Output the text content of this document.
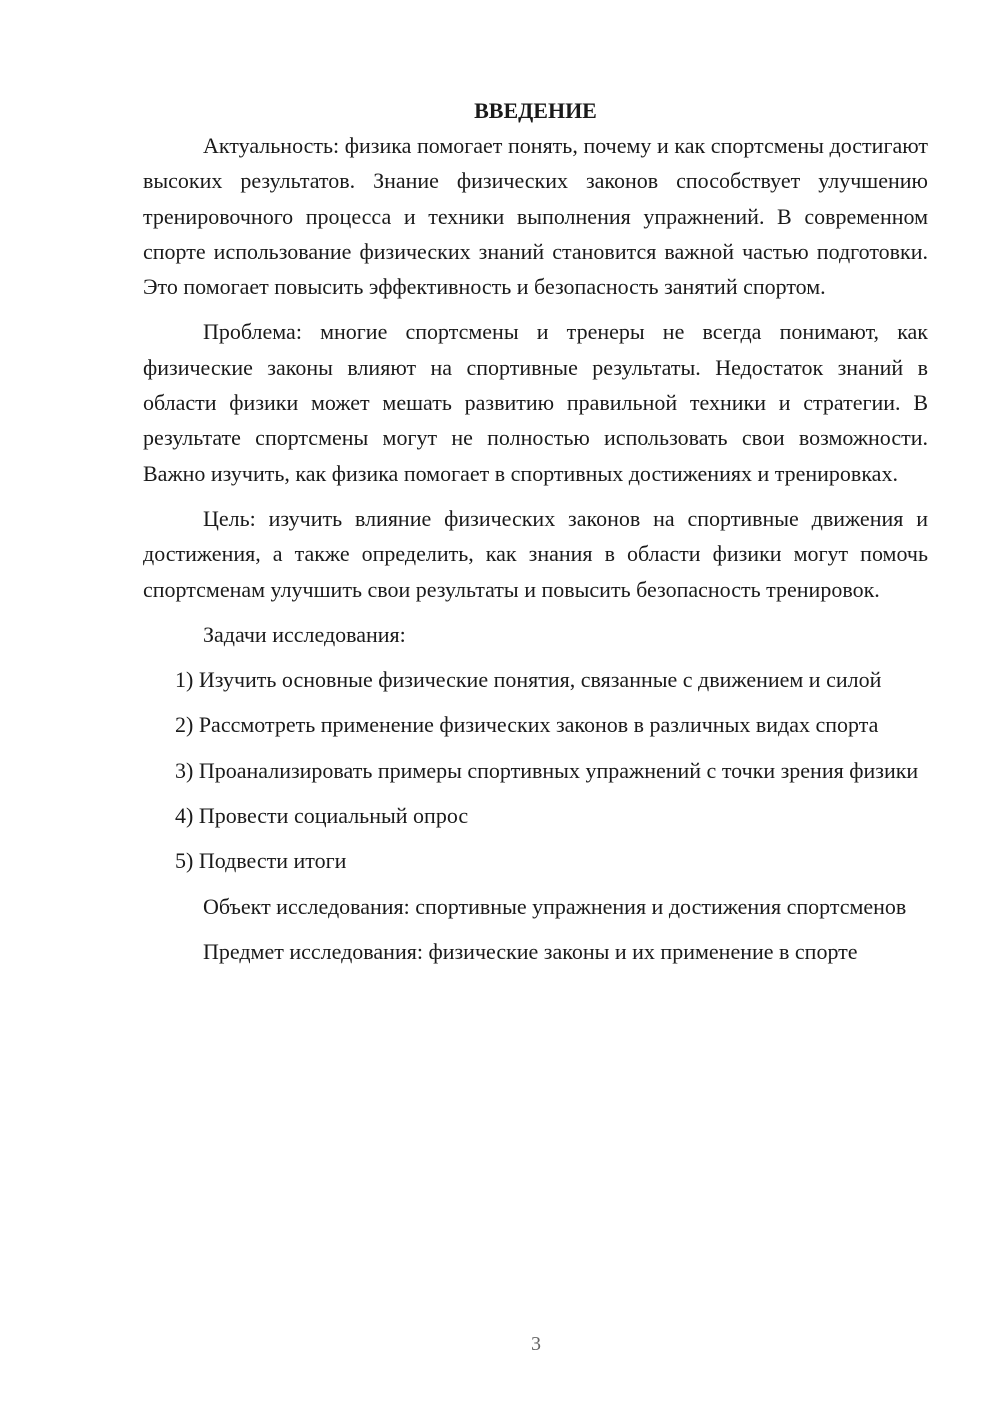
ВВЕДЕНИЕ

Актуальность: физика помогает понять, почему и как спортсмены достигают высоких результатов. Знание физических законов способствует улучшению тренировочного процесса и техники выполнения упражнений. В современном спорте использование физических знаний становится важной частью подготовки. Это помогает повысить эффективность и безопасность занятий спортом.

Проблема: многие спортсмены и тренеры не всегда понимают, как физические законы влияют на спортивные результаты. Недостаток знаний в области физики может мешать развитию правильной техники и стратегии. В результате спортсмены могут не полностью использовать свои возможности. Важно изучить, как физика помогает в спортивных достижениях и тренировках.

Цель: изучить влияние физических законов на спортивные движения и достижения, а также определить, как знания в области физики могут помочь спортсменам улучшить свои результаты и повысить безопасность тренировок.

Задачи исследования:

1) Изучить основные физические понятия, связанные с движением и силой

2) Рассмотреть применение физических законов в различных видах спорта

3) Проанализировать примеры спортивных упражнений с точки зрения физики

4) Провести социальный опрос

5) Подвести итоги

Объект исследования: спортивные упражнения и достижения спортсменов

Предмет исследования: физические законы и их применение в спорте

3
